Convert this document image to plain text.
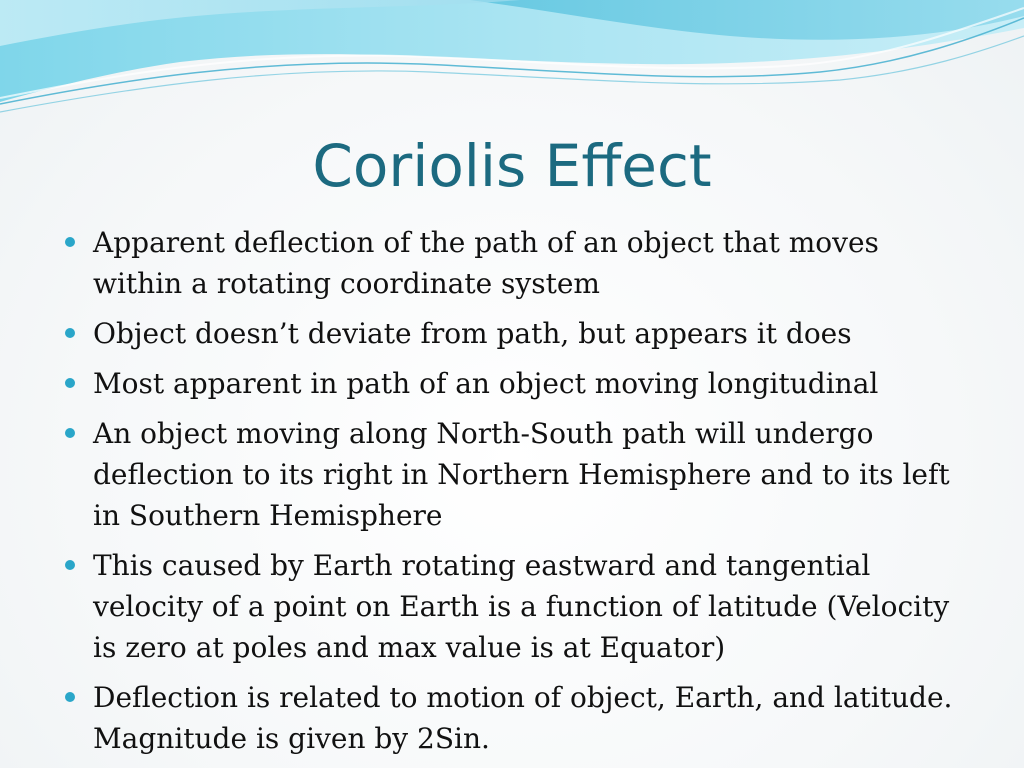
Coriolis Effect
Apparent deflection of the path of an object that moves within a rotating coordinate system
Object doesn’t deviate from path, but appears it does
Most apparent in path of an object moving longitudinal
An object moving along North-South path will undergo deflection to its right in Northern Hemisphere and to its left in Southern Hemisphere
This caused by Earth rotating eastward and tangential velocity of a point on Earth is a function of latitude (Velocity is zero at poles and max value is at Equator)
Deflection is related to motion of object, Earth, and latitude. Magnitude is given by 2Sin.
